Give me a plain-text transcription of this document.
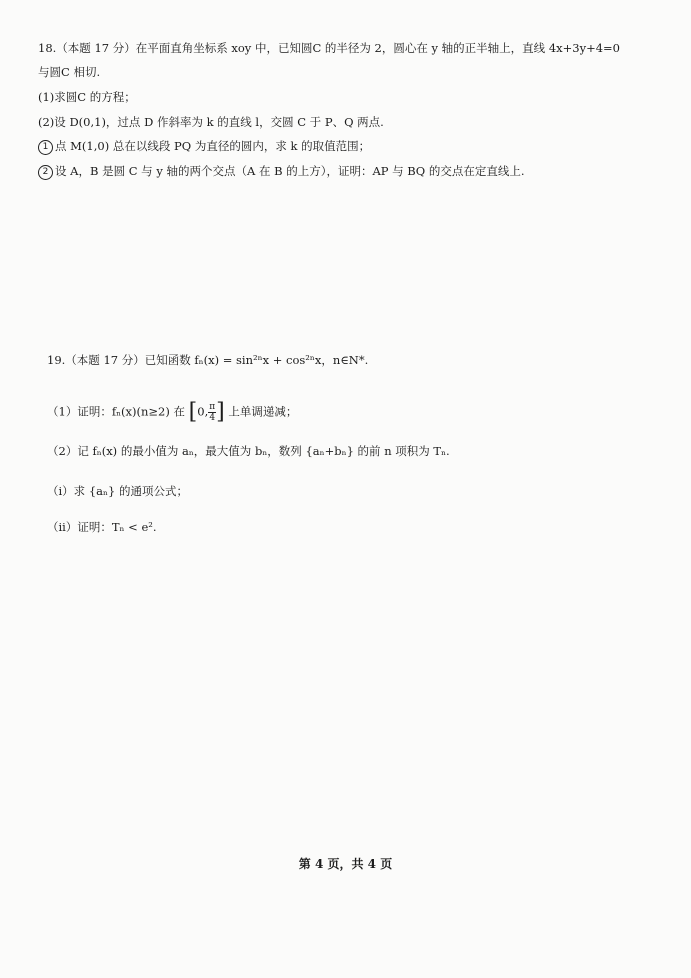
18.（本题 17 分）在平面直角坐标系 xoy 中，已知圆C 的半径为 2，圆心在 y 轴的正半轴上，直线 4x+3y+4=0
与圆C 相切.
(1)求圆C 的方程；
(2)设 D(0,1)，过点 D 作斜率为 k 的直线 l，交圆 C 于 P、Q 两点.
1 点 M(1,0) 总在以线段 PQ 为直径的圆内，求 k 的取值范围；
2 设 A，B 是圆 C 与 y 轴的两个交点（A 在 B 的上方），证明：AP 与 BQ 的交点在定直线上.
19.（本题 17 分）已知函数 fₙ(x) = sin²ⁿx + cos²ⁿx，n∈N*.
（1）证明：fₙ(x)(n≥2) 在 [0, $\frac{\pi}{4}$ ] 上单调递减；
（2）记 fₙ(x) 的最小值为 aₙ，最大值为 bₙ，数列 {aₙ+bₙ} 的前 n 项积为 Tₙ.
（i）求 {aₙ} 的通项公式；
（ii）证明：Tₙ < e².
第 4 页，共 4 页
